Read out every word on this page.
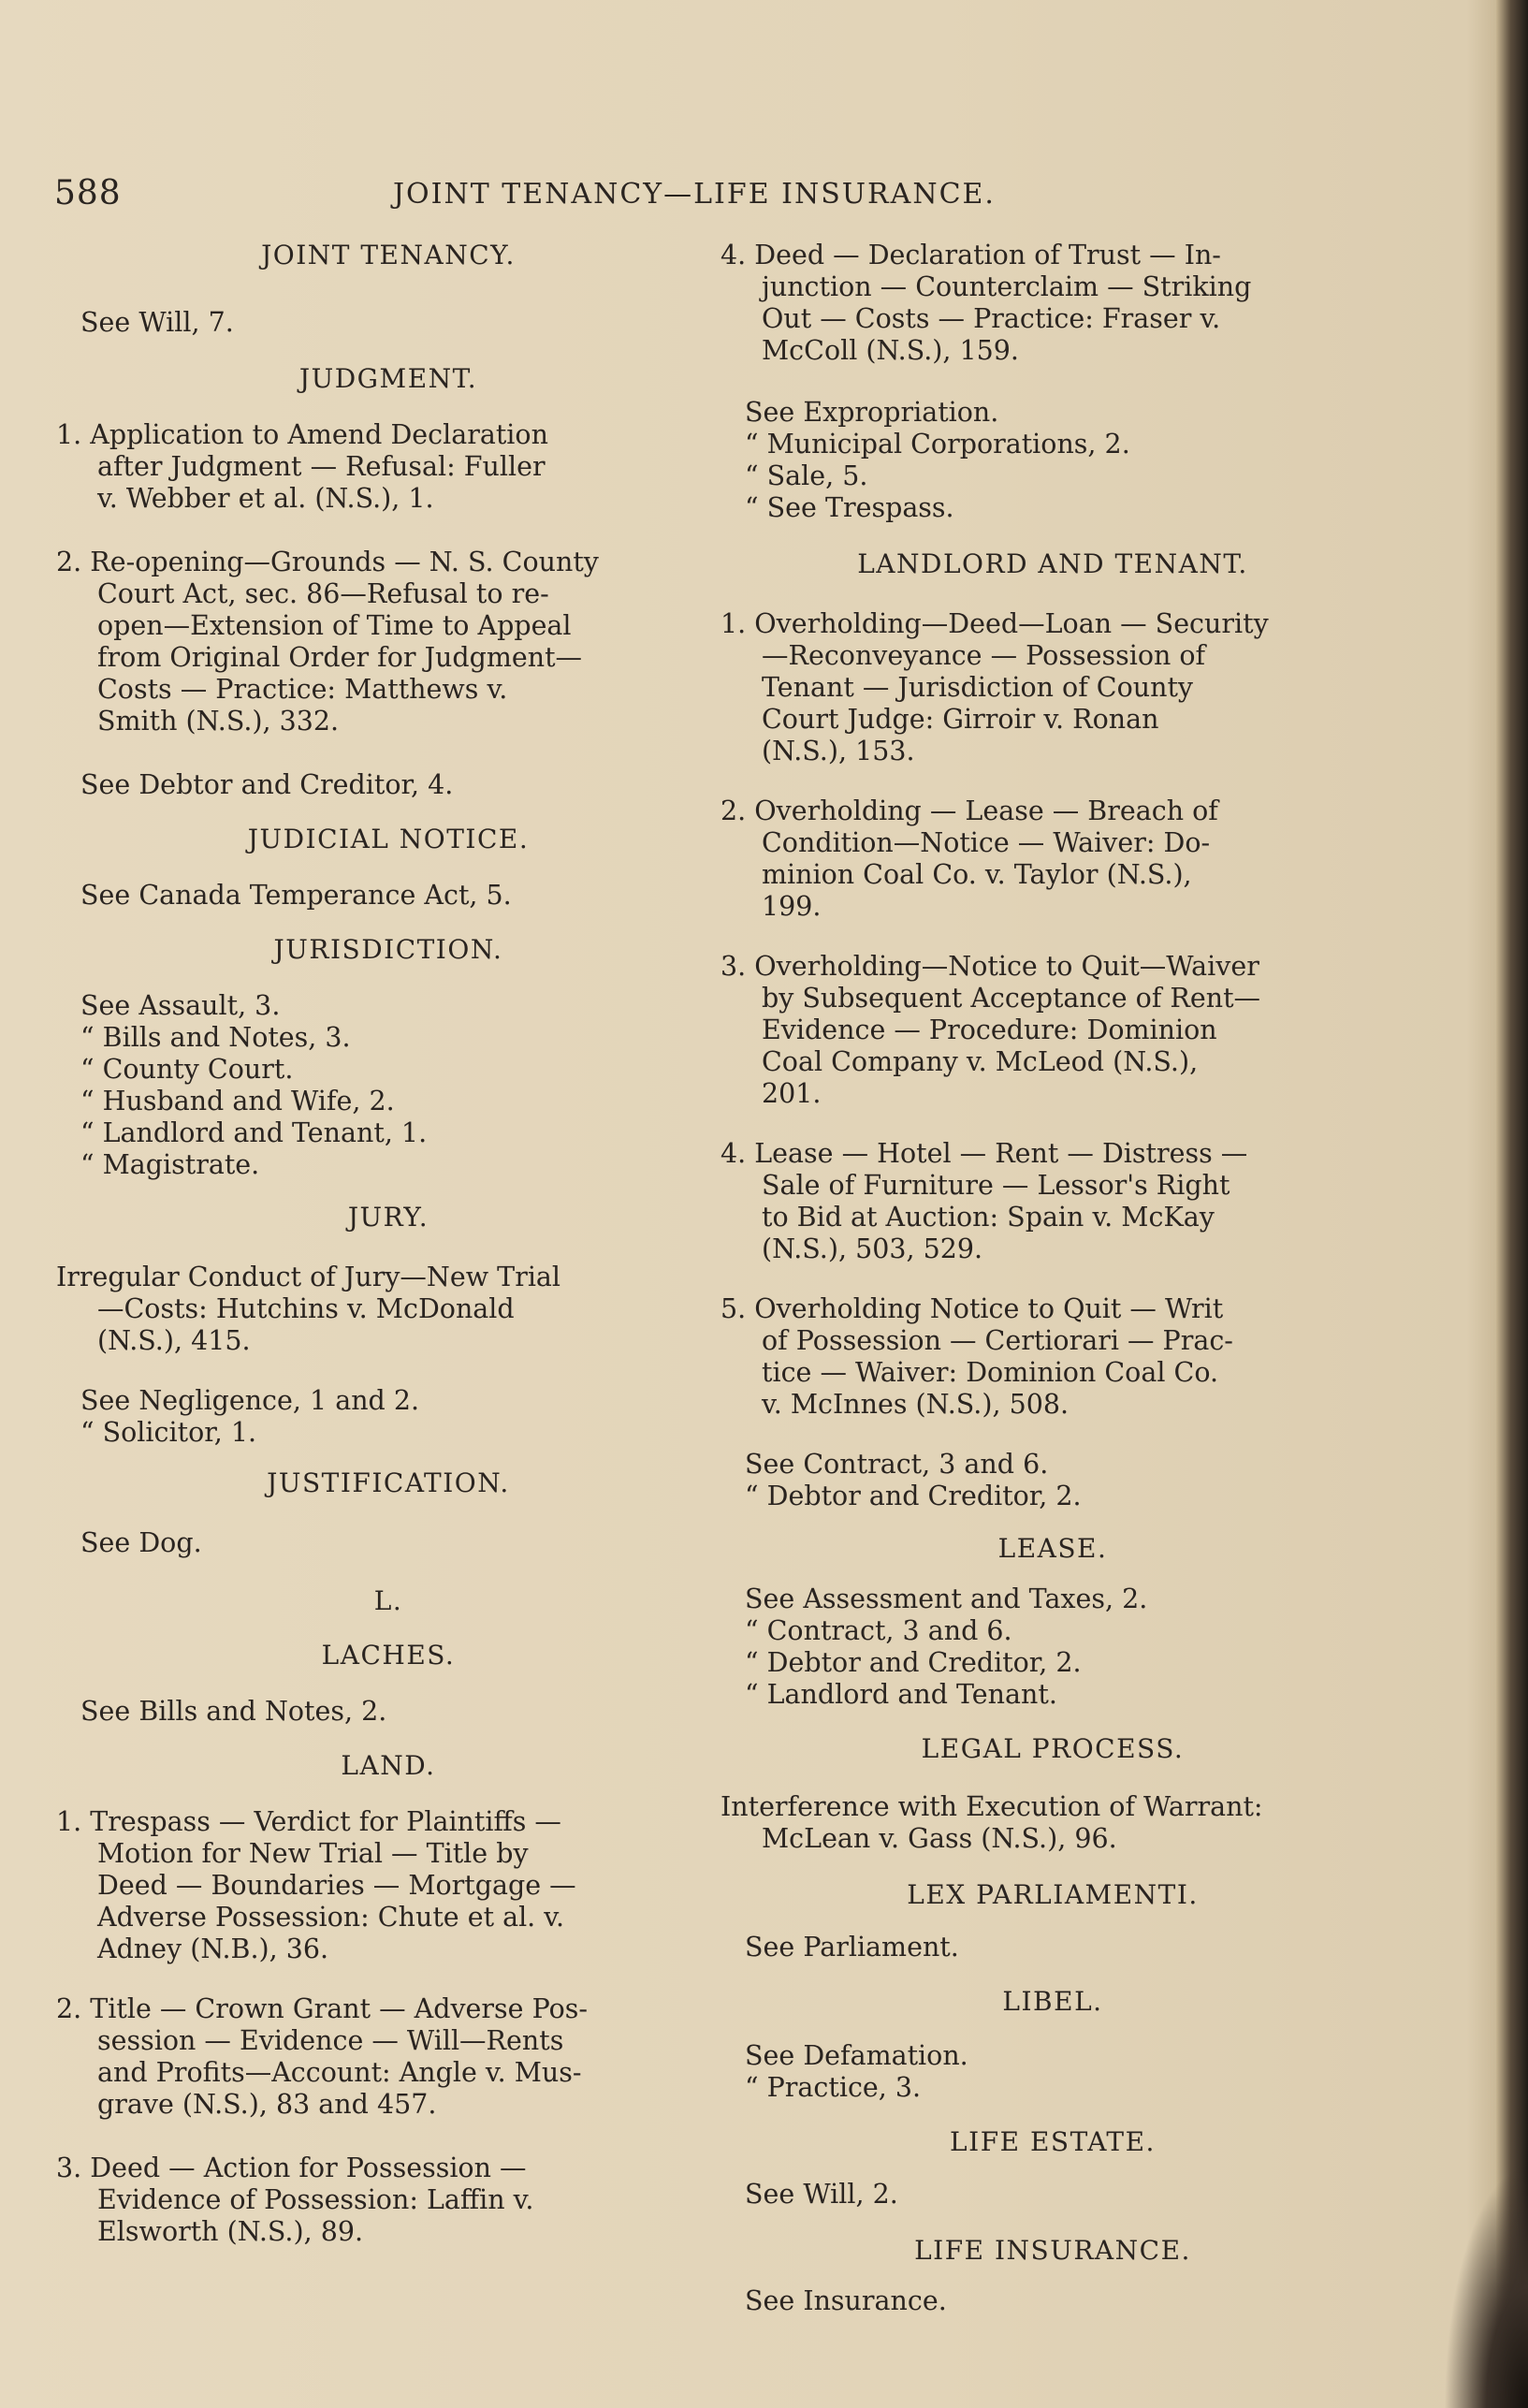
588	JOINT TENANCY—LIFE INSURANCE.
JOINT TENANCY.
See Will, 7.
JUDGMENT.
1. Application to Amend Declaration
after Judgment — Refusal: Fuller
v. Webber et al. (N.S.), 1.
2. Re-opening—Grounds — N. S. County
Court Act, sec. 86—Refusal to re-
open—Extension of Time to Appeal
from Original Order for Judgment—
Costs — Practice: Matthews v.
Smith (N.S.), 332.
See Debtor and Creditor, 4.
JUDICIAL NOTICE.
See Canada Temperance Act, 5.
JURISDICTION.
See Assault, 3.
“ Bills and Notes, 3.
“ County Court.
“ Husband and Wife, 2.
“ Landlord and Tenant, 1.
“ Magistrate.
JURY.
Irregular Conduct of Jury—New Trial
—Costs: Hutchins v. McDonald
(N.S.), 415.
See Negligence, 1 and 2.
“ Solicitor, 1.
JUSTIFICATION.
See Dog.
L.
LACHES.
See Bills and Notes, 2.
LAND.
1. Trespass — Verdict for Plaintiffs —
Motion for New Trial — Title by
Deed — Boundaries — Mortgage —
Adverse Possession: Chute et al. v.
Adney (N.B.), 36.
2. Title — Crown Grant — Adverse Pos-
session — Evidence — Will—Rents
and Profits—Account: Angle v. Mus-
grave (N.S.), 83 and 457.
3. Deed — Action for Possession —
Evidence of Possession: Laffin v.
Elsworth (N.S.), 89.
4. Deed — Declaration of Trust — In-
junction — Counterclaim — Striking
Out — Costs — Practice: Fraser v.
McColl (N.S.), 159.
See Expropriation.
“ Municipal Corporations, 2.
“ Sale, 5.
“ See Trespass.
LANDLORD AND TENANT.
1. Overholding—Deed—Loan — Security
—Reconveyance — Possession of
Tenant — Jurisdiction of County
Court Judge: Girroir v. Ronan
(N.S.), 153.
2. Overholding — Lease — Breach of
Condition—Notice — Waiver: Do-
minion Coal Co. v. Taylor (N.S.),
199.
3. Overholding—Notice to Quit—Waiver
by Subsequent Acceptance of Rent—
Evidence — Procedure: Dominion
Coal Company v. McLeod (N.S.),
201.
4. Lease — Hotel — Rent — Distress —
Sale of Furniture — Lessor's Right
to Bid at Auction: Spain v. McKay
(N.S.), 503, 529.
5. Overholding Notice to Quit — Writ
of Possession — Certiorari — Prac-
tice — Waiver: Dominion Coal Co.
v. McInnes (N.S.), 508.
See Contract, 3 and 6.
“ Debtor and Creditor, 2.
LEASE.
See Assessment and Taxes, 2.
“ Contract, 3 and 6.
“ Debtor and Creditor, 2.
“ Landlord and Tenant.
LEGAL PROCESS.
Interference with Execution of Warrant:
McLean v. Gass (N.S.), 96.
LEX PARLIAMENTI.
See Parliament.
LIBEL.
See Defamation.
“ Practice, 3.
LIFE ESTATE.
See Will, 2.
LIFE INSURANCE.
See Insurance.
